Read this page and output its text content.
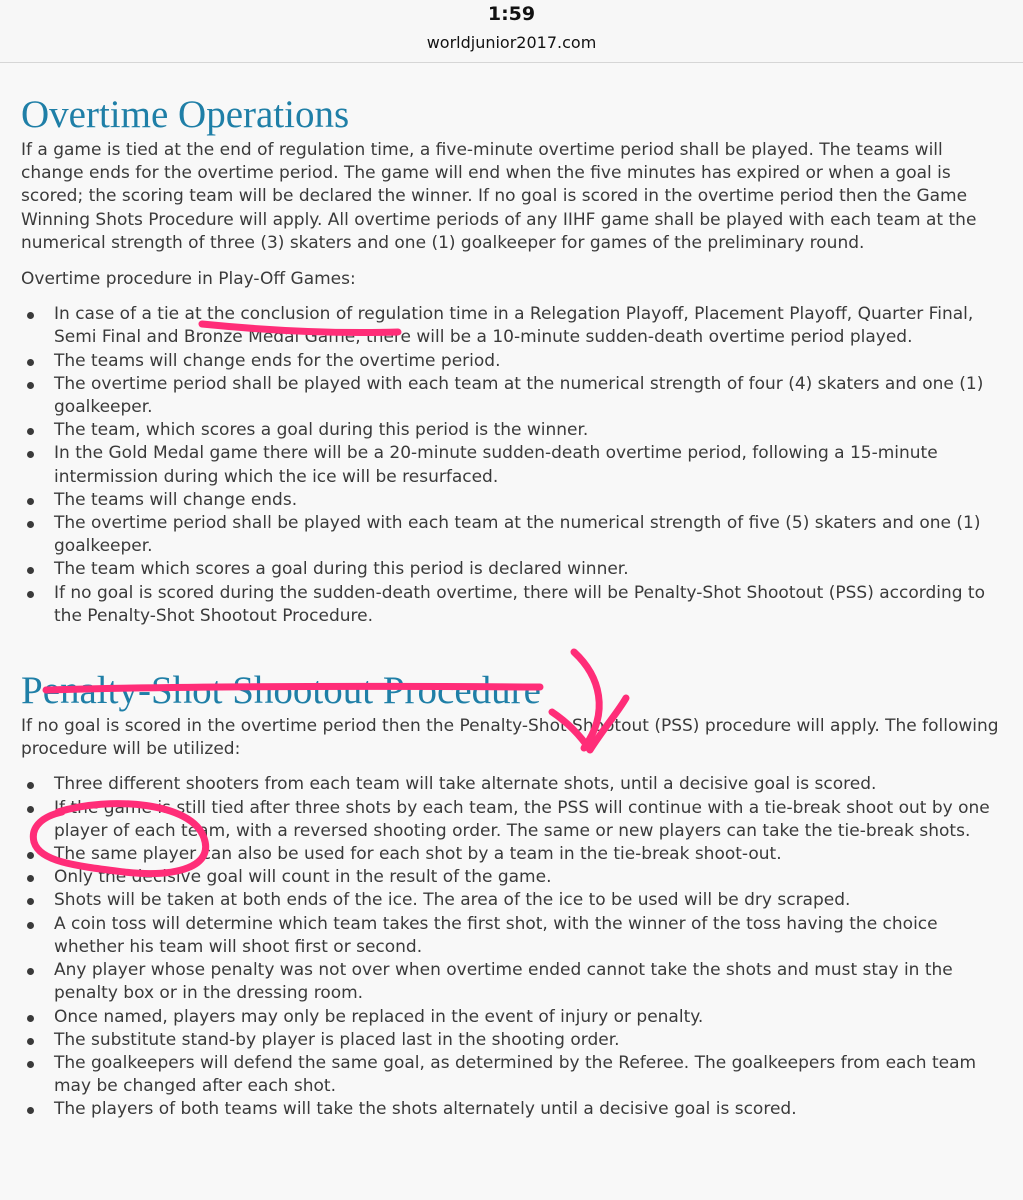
1:59
worldjunior2017.com
Overtime Operations

If a game is tied at the end of regulation time, a five-minute overtime period shall be played. The teams will change ends for the overtime period. The game will end when the five minutes has expired or when a goal is scored; the scoring team will be declared the winner. If no goal is scored in the overtime period then the Game Winning Shots Procedure will apply. All overtime periods of any IIHF game shall be played with each team at the numerical strength of three (3) skaters and one (1) goalkeeper for games of the preliminary round.

Overtime procedure in Play-Off Games:

In case of a tie at the conclusion of regulation time in a Relegation Playoff, Placement Playoff, Quarter Final, Semi Final and Bronze Medal Game, there will be a 10-minute sudden-death overtime period played.
The teams will change ends for the overtime period.
The overtime period shall be played with each team at the numerical strength of four (4) skaters and one (1) goalkeeper.
The team, which scores a goal during this period is the winner.
In the Gold Medal game there will be a 20-minute sudden-death overtime period, following a 15-minute intermission during which the ice will be resurfaced.
The teams will change ends.
The overtime period shall be played with each team at the numerical strength of five (5) skaters and one (1) goalkeeper.
The team which scores a goal during this period is declared winner.
If no goal is scored during the sudden-death overtime, there will be Penalty-Shot Shootout (PSS) according to the Penalty-Shot Shootout Procedure.
Penalty-Shot Shootout Procedure

If no goal is scored in the overtime period then the Penalty-Shot Shootout (PSS) procedure will apply. The following procedure will be utilized:

Three different shooters from each team will take alternate shots, until a decisive goal is scored.
If the game is still tied after three shots by each team, the PSS will continue with a tie-break shoot out by one player of each team, with a reversed shooting order. The same or new players can take the tie-break shots.
The same player can also be used for each shot by a team in the tie-break shoot-out.
Only the decisive goal will count in the result of the game.
Shots will be taken at both ends of the ice. The area of the ice to be used will be dry scraped.
A coin toss will determine which team takes the first shot, with the winner of the toss having the choice whether his team will shoot first or second.
Any player whose penalty was not over when overtime ended cannot take the shots and must stay in the penalty box or in the dressing room.
Once named, players may only be replaced in the event of injury or penalty.
The substitute stand-by player is placed last in the shooting order.
The goalkeepers will defend the same goal, as determined by the Referee. The goalkeepers from each team may be changed after each shot.
The players of both teams will take the shots alternately until a decisive goal is scored.
